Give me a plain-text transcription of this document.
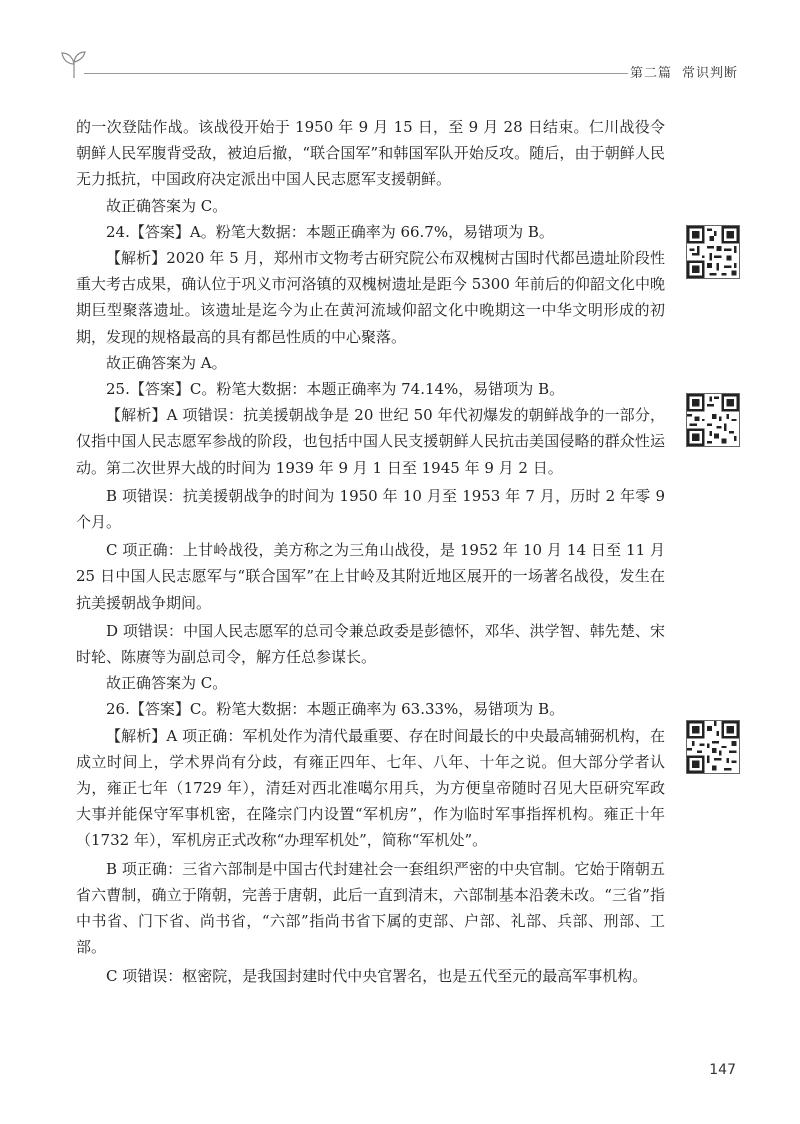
第二篇 常识判断

的一次登陆作战。该战役开始于 1950 年 9 月 15 日，至 9 月 28 日结束。仁川战役令朝鲜人民军腹背受敌，被迫后撤，“联合国军”和韩国军队开始反攻。随后，由于朝鲜人民无力抵抗，中国政府决定派出中国人民志愿军支援朝鲜。

故正确答案为 C。

24.【答案】A。粉笔大数据：本题正确率为 66.7%，易错项为 B。

【解析】2020 年 5 月，郑州市文物考古研究院公布双槐树古国时代都邑遗址阶段性重大考古成果，确认位于巩义市河洛镇的双槐树遗址是距今 5300 年前后的仰韶文化中晚期巨型聚落遗址。该遗址是迄今为止在黄河流域仰韶文化中晚期这一中华文明形成的初期，发现的规格最高的具有都邑性质的中心聚落。

故正确答案为 A。

25.【答案】C。粉笔大数据：本题正确率为 74.14%，易错项为 B。

【解析】A 项错误：抗美援朝战争是 20 世纪 50 年代初爆发的朝鲜战争的一部分，仅指中国人民志愿军参战的阶段，也包括中国人民支援朝鲜人民抗击美国侵略的群众性运动。第二次世界大战的时间为 1939 年 9 月 1 日至 1945 年 9 月 2 日。

B 项错误：抗美援朝战争的时间为 1950 年 10 月至 1953 年 7 月，历时 2 年零 9 个月。

C 项正确：上甘岭战役，美方称之为三角山战役，是 1952 年 10 月 14 日至 11 月 25 日中国人民志愿军与“联合国军”在上甘岭及其附近地区展开的一场著名战役，发生在抗美援朝战争期间。

D 项错误：中国人民志愿军的总司令兼总政委是彭德怀，邓华、洪学智、韩先楚、宋时轮、陈赓等为副总司令，解方任总参谋长。

故正确答案为 C。

26.【答案】C。粉笔大数据：本题正确率为 63.33%，易错项为 B。

【解析】A 项正确：军机处作为清代最重要、存在时间最长的中央最高辅弼机构，在成立时间上，学术界尚有分歧，有雍正四年、七年、八年、十年之说。但大部分学者认为，雍正七年（1729 年），清廷对西北准噶尔用兵，为方便皇帝随时召见大臣研究军政大事并能保守军事机密，在隆宗门内设置“军机房”，作为临时军事指挥机构。雍正十年（1732 年），军机房正式改称“办理军机处”，简称“军机处”。

B 项正确：三省六部制是中国古代封建社会一套组织严密的中央官制。它始于隋朝五省六曹制，确立于隋朝，完善于唐朝，此后一直到清末，六部制基本沿袭未改。“三省”指中书省、门下省、尚书省，“六部”指尚书省下属的吏部、户部、礼部、兵部、刑部、工部。

C 项错误：枢密院，是我国封建时代中央官署名，也是五代至元的最高军事机构。

147
